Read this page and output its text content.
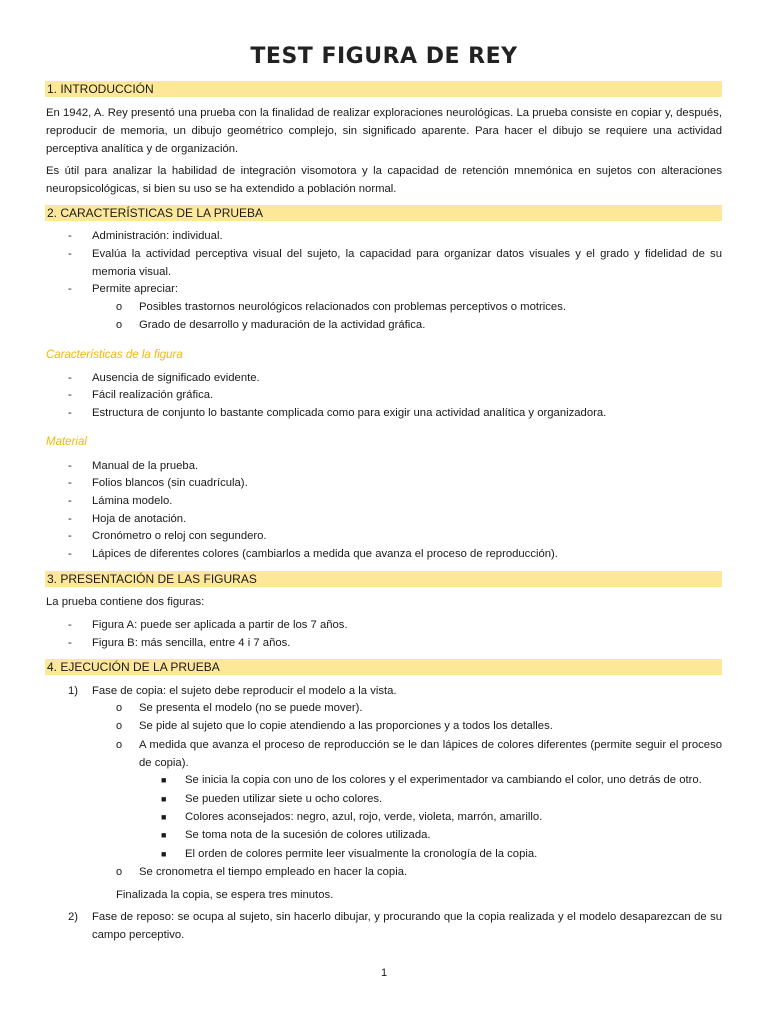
TEST FIGURA DE REY
1. INTRODUCCIÓN
En 1942, A. Rey presentó una prueba con la finalidad de realizar exploraciones neurológicas. La prueba consiste en copiar y, después, reproducir de memoria, un dibujo geométrico complejo, sin significado aparente. Para hacer el dibujo se requiere una actividad perceptiva analítica y de organización.
Es útil para analizar la habilidad de integración visomotora y la capacidad de retención mnemónica en sujetos con alteraciones neuropsicológicas, si bien su uso se ha extendido a población normal.
2. CARACTERÍSTICAS DE LA PRUEBA
- Administración: individual.
- Evalúa la actividad perceptiva visual del sujeto, la capacidad para organizar datos visuales y el grado y fidelidad de su memoria visual.
- Permite apreciar:
o Posibles trastornos neurológicos relacionados con problemas perceptivos o motrices.
o Grado de desarrollo y maduración de la actividad gráfica.
Características de la figura
- Ausencia de significado evidente.
- Fácil realización gráfica.
- Estructura de conjunto lo bastante complicada como para exigir una actividad analítica y organizadora.
Material
- Manual de la prueba.
- Folios blancos (sin cuadrícula).
- Lámina modelo.
- Hoja de anotación.
- Cronómetro o reloj con segundero.
- Lápices de diferentes colores (cambiarlos a medida que avanza el proceso de reproducción).
3. PRESENTACIÓN DE LAS FIGURAS
La prueba contiene dos figuras:
- Figura A: puede ser aplicada a partir de los 7 años.
- Figura B: más sencilla, entre 4 i 7 años.
4. EJECUCIÓN DE LA PRUEBA
1) Fase de copia: el sujeto debe reproducir el modelo a la vista.
o Se presenta el modelo (no se puede mover).
o Se pide al sujeto que lo copie atendiendo a las proporciones y a todos los detalles.
o A medida que avanza el proceso de reproducción se le dan lápices de colores diferentes (permite seguir el proceso de copia).
■ Se inicia la copia con uno de los colores y el experimentador va cambiando el color, uno detrás de otro.
■ Se pueden utilizar siete u ocho colores.
■ Colores aconsejados: negro, azul, rojo, verde, violeta, marrón, amarillo.
■ Se toma nota de la sucesión de colores utilizada.
■ El orden de colores permite leer visualmente la cronología de la copia.
o Se cronometra el tiempo empleado en hacer la copia.
Finalizada la copia, se espera tres minutos.
2) Fase de reposo: se ocupa al sujeto, sin hacerlo dibujar, y procurando que la copia realizada y el modelo desaparezcan de su campo perceptivo.
1
